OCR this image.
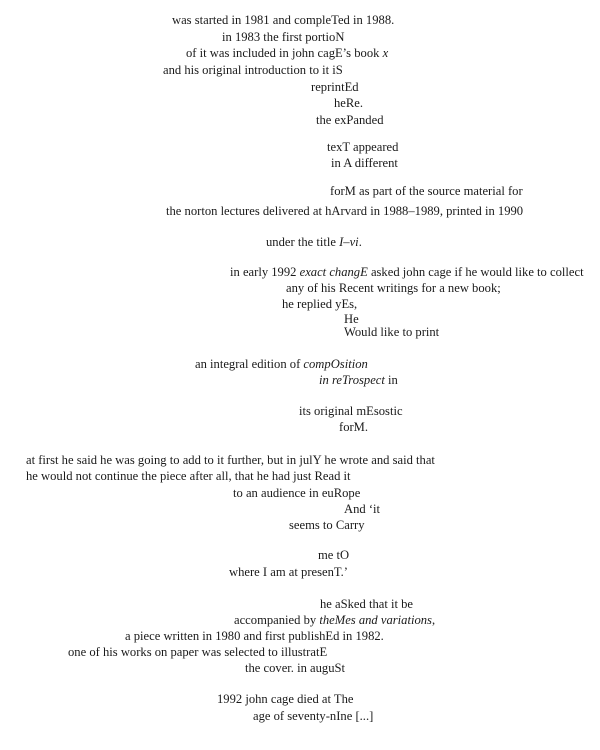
was started in 1981 and compleTed in 1988.
in 1983 the first portioN
of it was included in john cagE’s book x
and his original introduction to it iS
reprintEd
heRe.
the exPanded
texT appeared
in A different
forM as part of the source material for
the norton lectures delivered at hArvard in 1988–1989, printed in 1990
under the title I–vi.
in early 1992 exact changE asked john cage if he would like to collect
any of his Recent writings for a new book;
he replied yEs,
He
Would like to print
an integral edition of compOsition
in reTrospect in
its original mEsostic
forM.
at first he said he was going to add to it further, but in julY he wrote and said that
he would not continue the piece after all, that he had just Read it
to an audience in euRope
And ‘it
seems to Carry
me tO
where I am at presenT.’
he aSked that it be
accompanied by theMes and variations,
a piece written in 1980 and first publishEd in 1982.
one of his works on paper was selected to illustratE
the cover. in auguSt
1992 john cage died at The
age of seventy-nIne [...]
